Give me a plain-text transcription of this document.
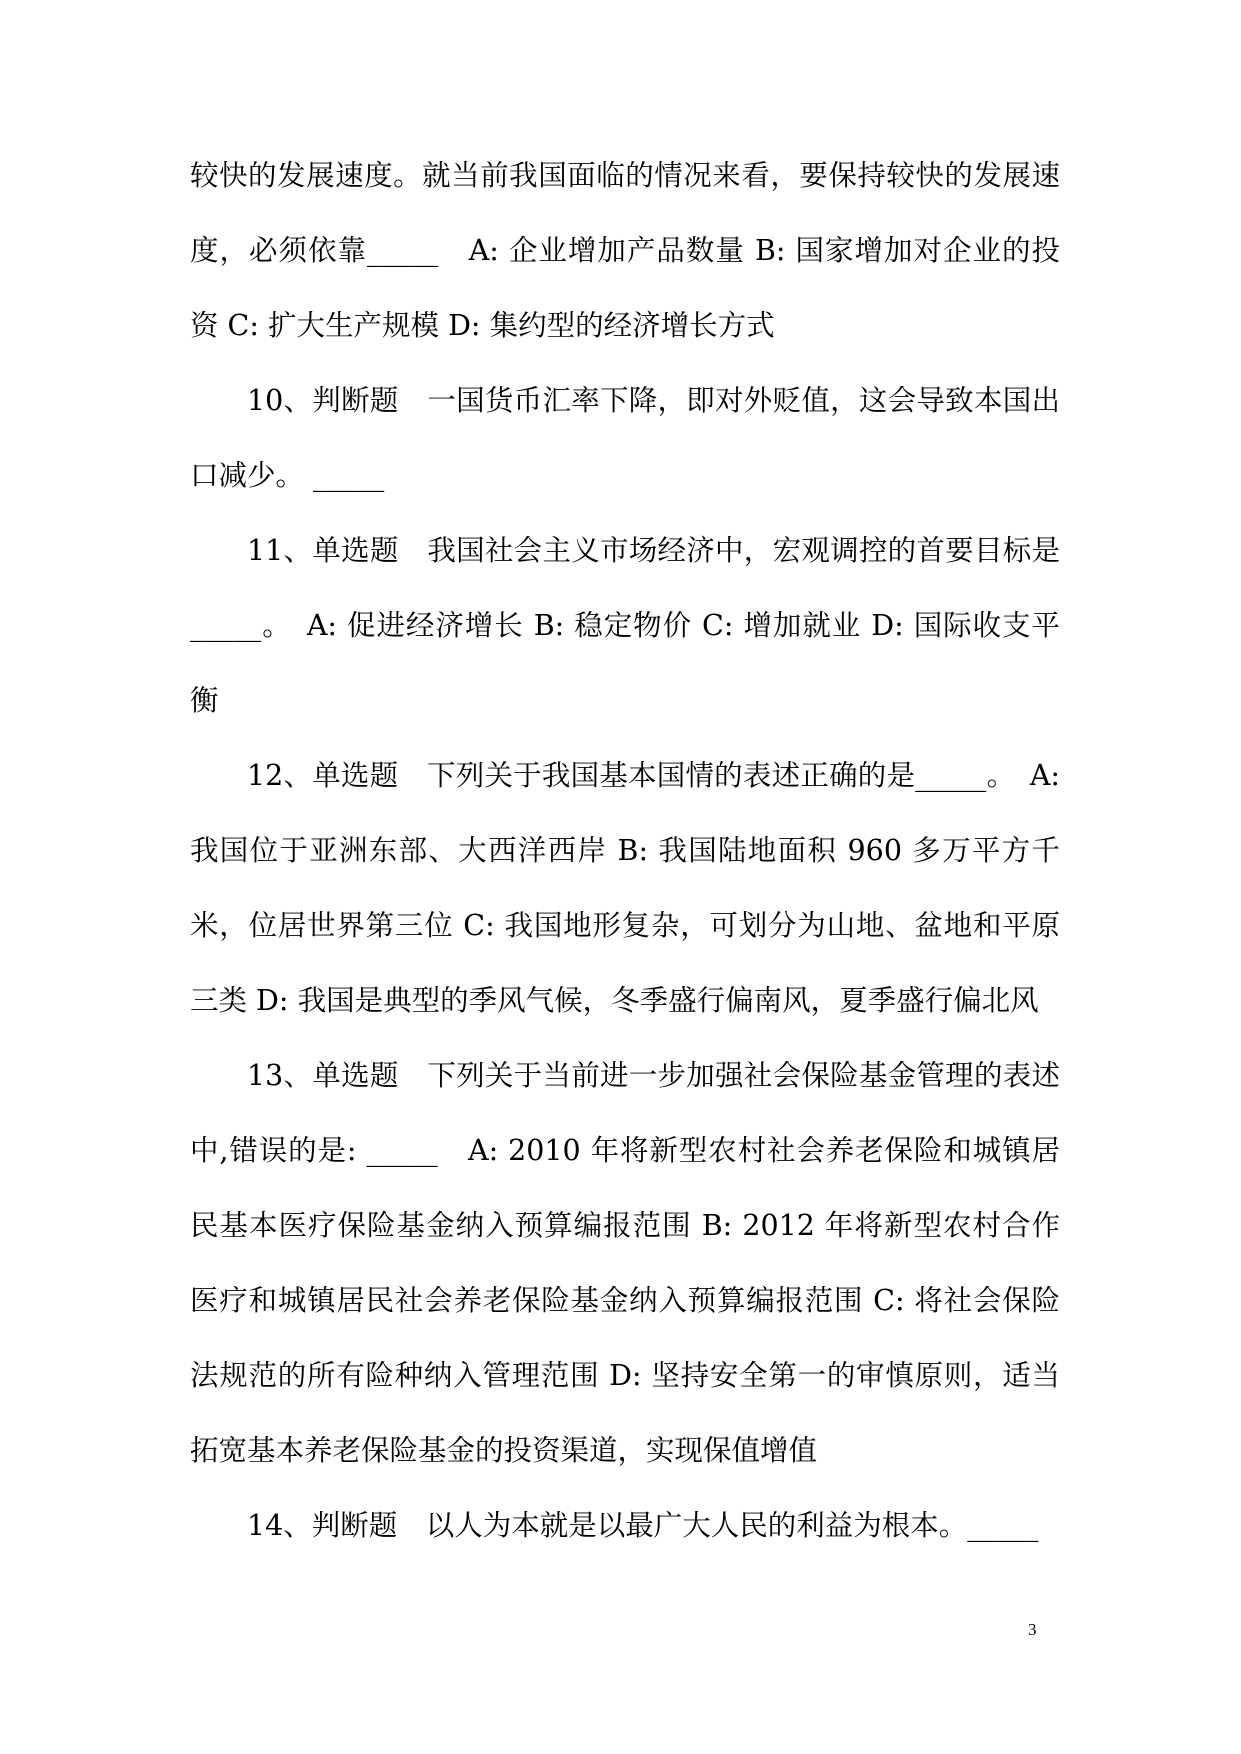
较快的发展速度。就当前我国面临的情况来看，要保持较快的发展速度，必须依靠_____　A: 企业增加产品数量 B: 国家增加对企业的投资 C: 扩大生产规模 D: 集约型的经济增长方式

10、判断题　一国货币汇率下降，即对外贬值，这会导致本国出口减少。 _____

11、单选题　我国社会主义市场经济中，宏观调控的首要目标是_____。　A: 促进经济增长 B: 稳定物价 C: 增加就业 D: 国际收支平衡

12、单选题　下列关于我国基本国情的表述正确的是_____。　A: 我国位于亚洲东部、大西洋西岸 B: 我国陆地面积 960 多万平方千米，位居世界第三位 C: 我国地形复杂，可划分为山地、盆地和平原三类 D: 我国是典型的季风气候，冬季盛行偏南风，夏季盛行偏北风

13、单选题　下列关于当前进一步加强社会保险基金管理的表述中,错误的是: _____　A: 2010 年将新型农村社会养老保险和城镇居民基本医疗保险基金纳入预算编报范围 B: 2012 年将新型农村合作医疗和城镇居民社会养老保险基金纳入预算编报范围 C: 将社会保险法规范的所有险种纳入管理范围 D: 坚持安全第一的审慎原则，适当拓宽基本养老保险基金的投资渠道，实现保值增值

14、判断题　以人为本就是以最广大人民的利益为根本。_____

3
